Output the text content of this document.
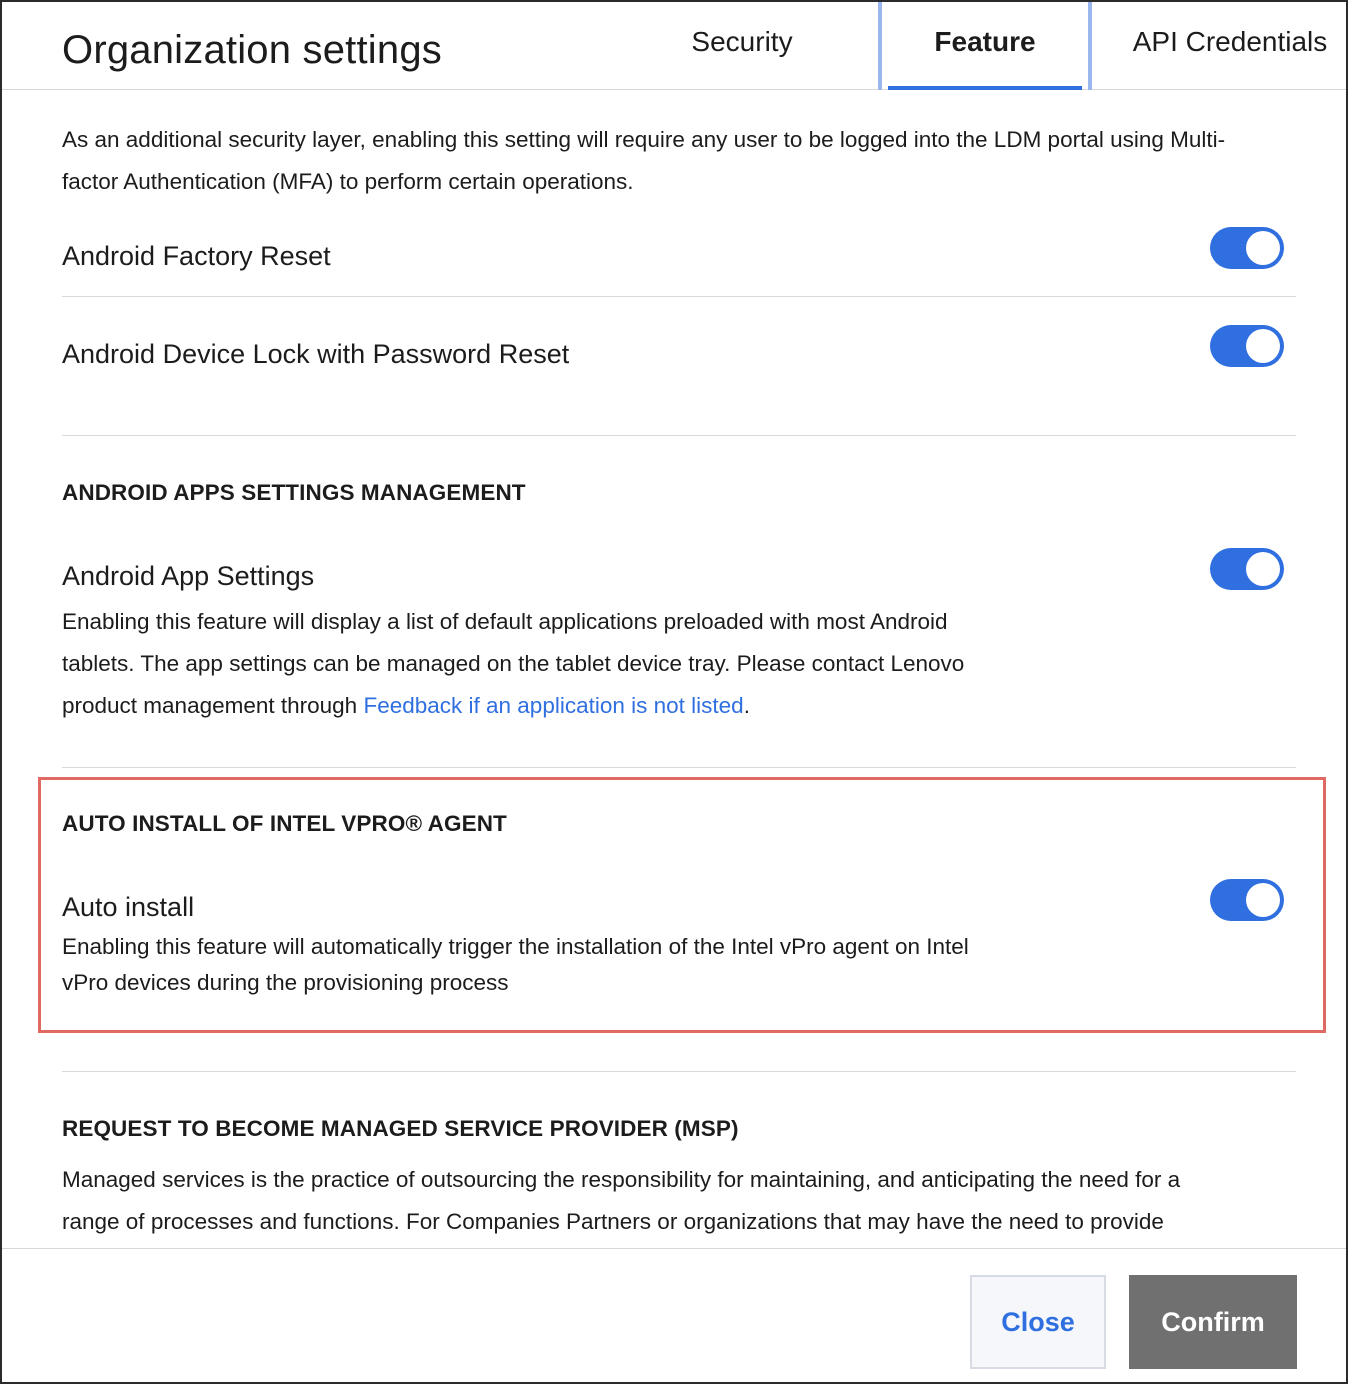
Organization settings	Security	Feature	API Credentials
As an additional security layer, enabling this setting will require any user to be logged into the LDM portal using Multi-
factor Authentication (MFA) to perform certain operations.
Android Factory Reset
Android Device Lock with Password Reset
ANDROID APPS SETTINGS MANAGEMENT
Android App Settings
Enabling this feature will display a list of default applications preloaded with most Android
tablets. The app settings can be managed on the tablet device tray. Please contact Lenovo
product management through Feedback if an application is not listed.
AUTO INSTALL OF INTEL VPRO® AGENT
Auto install
Enabling this feature will automatically trigger the installation of the Intel vPro agent on Intel
vPro devices during the provisioning process
REQUEST TO BECOME MANAGED SERVICE PROVIDER (MSP)
Managed services is the practice of outsourcing the responsibility for maintaining, and anticipating the need for a
range of processes and functions. For Companies Partners or organizations that may have the need to provide
Close	Confirm
